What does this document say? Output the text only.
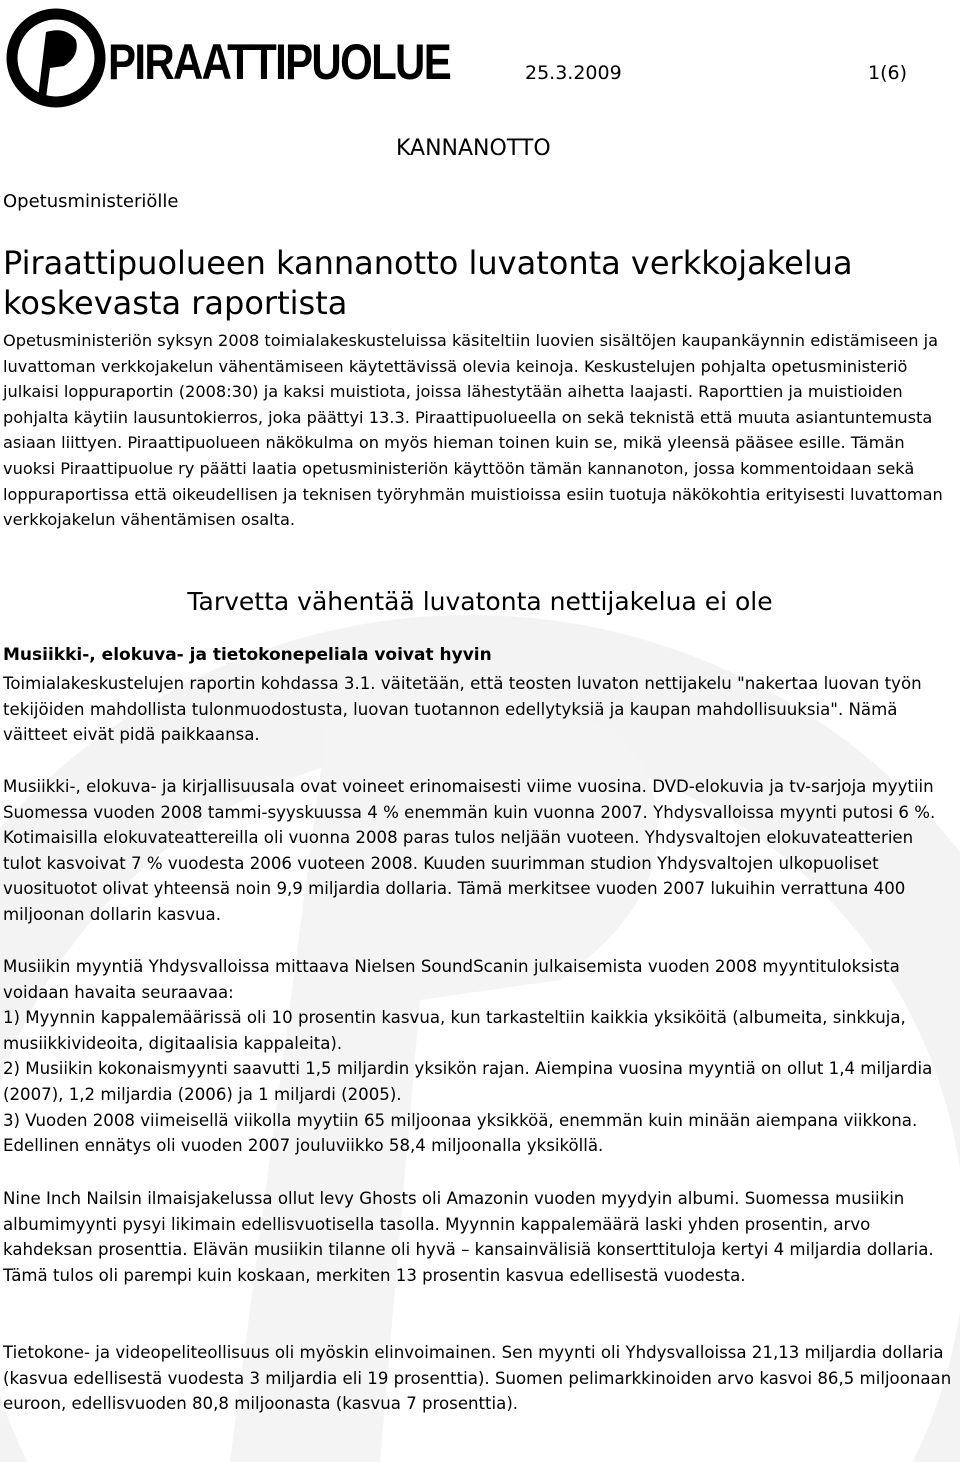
PIRAATTIPUOLUE	25.3.2009	1(6)
KANNANOTTO
Opetusministeriölle
Piraattipuolueen kannanotto luvatonta verkkojakelua
koskevasta raportista

Opetusministeriön syksyn 2008 toimialakeskusteluissa käsiteltiin luovien sisältöjen kaupankäynnin edistämiseen ja luvattoman verkkojakelun vähentämiseen käytettävissä olevia keinoja. Keskustelujen pohjalta opetusministeriö julkaisi loppuraportin (2008:30) ja kaksi muistiota, joissa lähestytään aihetta laajasti. Raporttien ja muistioiden pohjalta käytiin lausuntokierros, joka päättyi 13.3. Piraattipuolueella on sekä teknistä että muuta asiantuntemusta asiaan liittyen. Piraattipuolueen näkökulma on myös hieman toinen kuin se, mikä yleensä pääsee esille. Tämän vuoksi Piraattipuolue ry päätti laatia opetusministeriön käyttöön tämän kannanoton, jossa kommentoidaan sekä loppuraportissa että oikeudellisen ja teknisen työryhmän muistioissa esiin tuotuja näkökohtia erityisesti luvattoman verkkojakelun vähentämisen osalta.

Tarvetta vähentää luvatonta nettijakelua ei ole
Musiikki-, elokuva- ja tietokonepeliala voivat hyvin

Toimialakeskustelujen raportin kohdassa 3.1. väitetään, että teosten luvaton nettijakelu "nakertaa luovan työn tekijöiden mahdollista tulonmuodostusta, luovan tuotannon edellytyksiä ja kaupan mahdollisuuksia". Nämä väitteet eivät pidä paikkaansa.

Musiikki-, elokuva- ja kirjallisuusala ovat voineet erinomaisesti viime vuosina. DVD-elokuvia ja tv-sarjoja myytiin Suomessa vuoden 2008 tammi-syyskuussa 4 % enemmän kuin vuonna 2007. Yhdysvalloissa myynti putosi 6 %. Kotimaisilla elokuvateattereilla oli vuonna 2008 paras tulos neljään vuoteen. Yhdysvaltojen elokuvateatterien tulot kasvoivat 7 % vuodesta 2006 vuoteen 2008. Kuuden suurimman studion Yhdysvaltojen ulkopuoliset vuosituotot olivat yhteensä noin 9,9 miljardia dollaria. Tämä merkitsee vuoden 2007 lukuihin verrattuna 400 miljoonan dollarin kasvua.

Musiikin myyntiä Yhdysvalloissa mittaava Nielsen SoundScanin julkaisemista vuoden 2008 myyntituloksista voidaan havaita seuraavaa:

1) Myynnin kappalemäärissä oli 10 prosentin kasvua, kun tarkasteltiin kaikkia yksiköitä (albumeita, sinkkuja, musiikkivideoita, digitaalisia kappaleita).

2) Musiikin kokonaismyynti saavutti 1,5 miljardin yksikön rajan. Aiempina vuosina myyntiä on ollut 1,4 miljardia (2007), 1,2 miljardia (2006) ja 1 miljardi (2005).

3) Vuoden 2008 viimeisellä viikolla myytiin 65 miljoonaa yksikköä, enemmän kuin minään aiempana viikkona. Edellinen ennätys oli vuoden 2007 jouluviikko 58,4 miljoonalla yksiköllä.

Nine Inch Nailsin ilmaisjakelussa ollut levy Ghosts oli Amazonin vuoden myydyin albumi. Suomessa musiikin albumimyynti pysyi likimain edellisvuotisella tasolla. Myynnin kappalemäärä laski yhden prosentin, arvo kahdeksan prosenttia. Elävän musiikin tilanne oli hyvä – kansainvälisiä konserttituloja kertyi 4 miljardia dollaria. Tämä tulos oli parempi kuin koskaan, merkiten 13 prosentin kasvua edellisestä vuodesta.

Tietokone- ja videopeliteollisuus oli myöskin elinvoimainen. Sen myynti oli Yhdysvalloissa 21,13 miljardia dollaria (kasvua edellisestä vuodesta 3 miljardia eli 19 prosenttia). Suomen pelimarkkinoiden arvo kasvoi 86,5 miljoonaan euroon, edellisvuoden 80,8 miljoonasta (kasvua 7 prosenttia).
